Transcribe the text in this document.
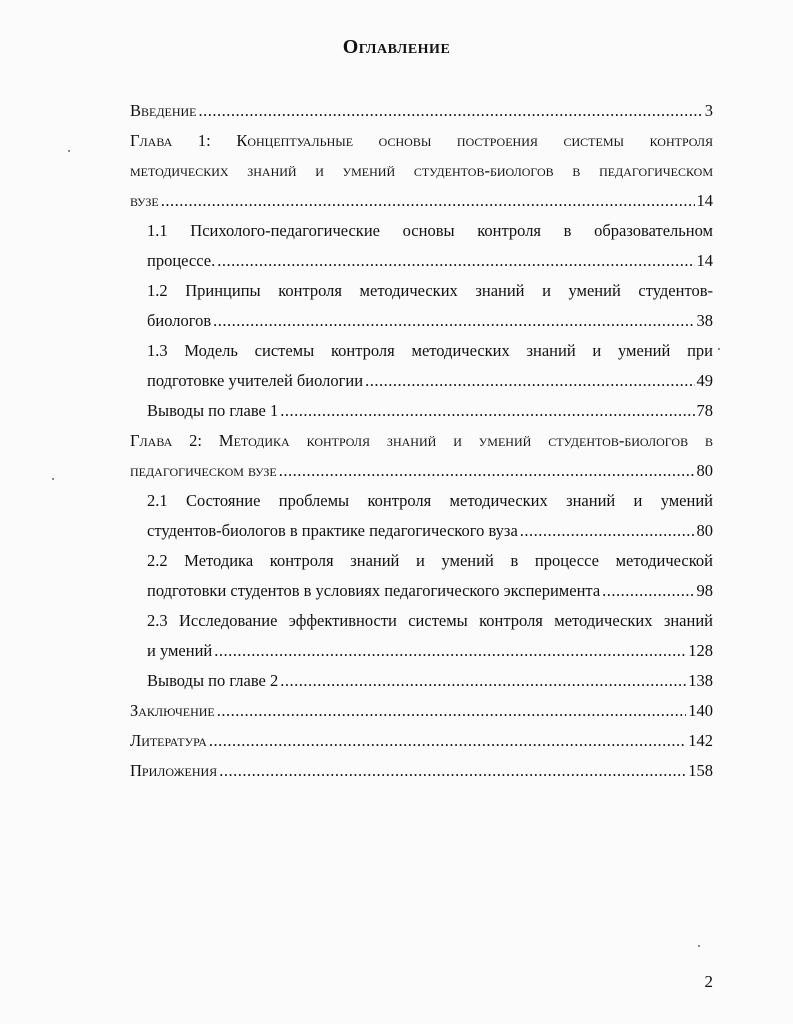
Оглавление
Введение .....	3
Глава 1: Концептуальные основы построения системы контроля
методических знаний и умений студентов-биологов в педагогическом
вузе .....	14
1.1 Психолого-педагогические основы контроля в образовательном
процессе. .....	14
1.2 Принципы контроля методических знаний и умений студентов-
биологов .....	38
1.3 Модель системы контроля методических знаний и умений при
подготовке учителей биологии .....	49
Выводы по главе 1 .....	78
Глава 2: Методика контроля знаний и умений студентов-биологов в
педагогическом вузе .....	80
2.1 Состояние проблемы контроля методических знаний и умений
студентов-биологов в практике педагогического вуза .....	80
2.2 Методика контроля знаний и умений в процессе методической
подготовки студентов в условиях педагогического эксперимента .....	98
2.3 Исследование эффективности системы контроля методических знаний
и умений .....	128
Выводы по главе 2 .....	138
Заключение .....	140
Литература .....	142
Приложения .....	158
2
